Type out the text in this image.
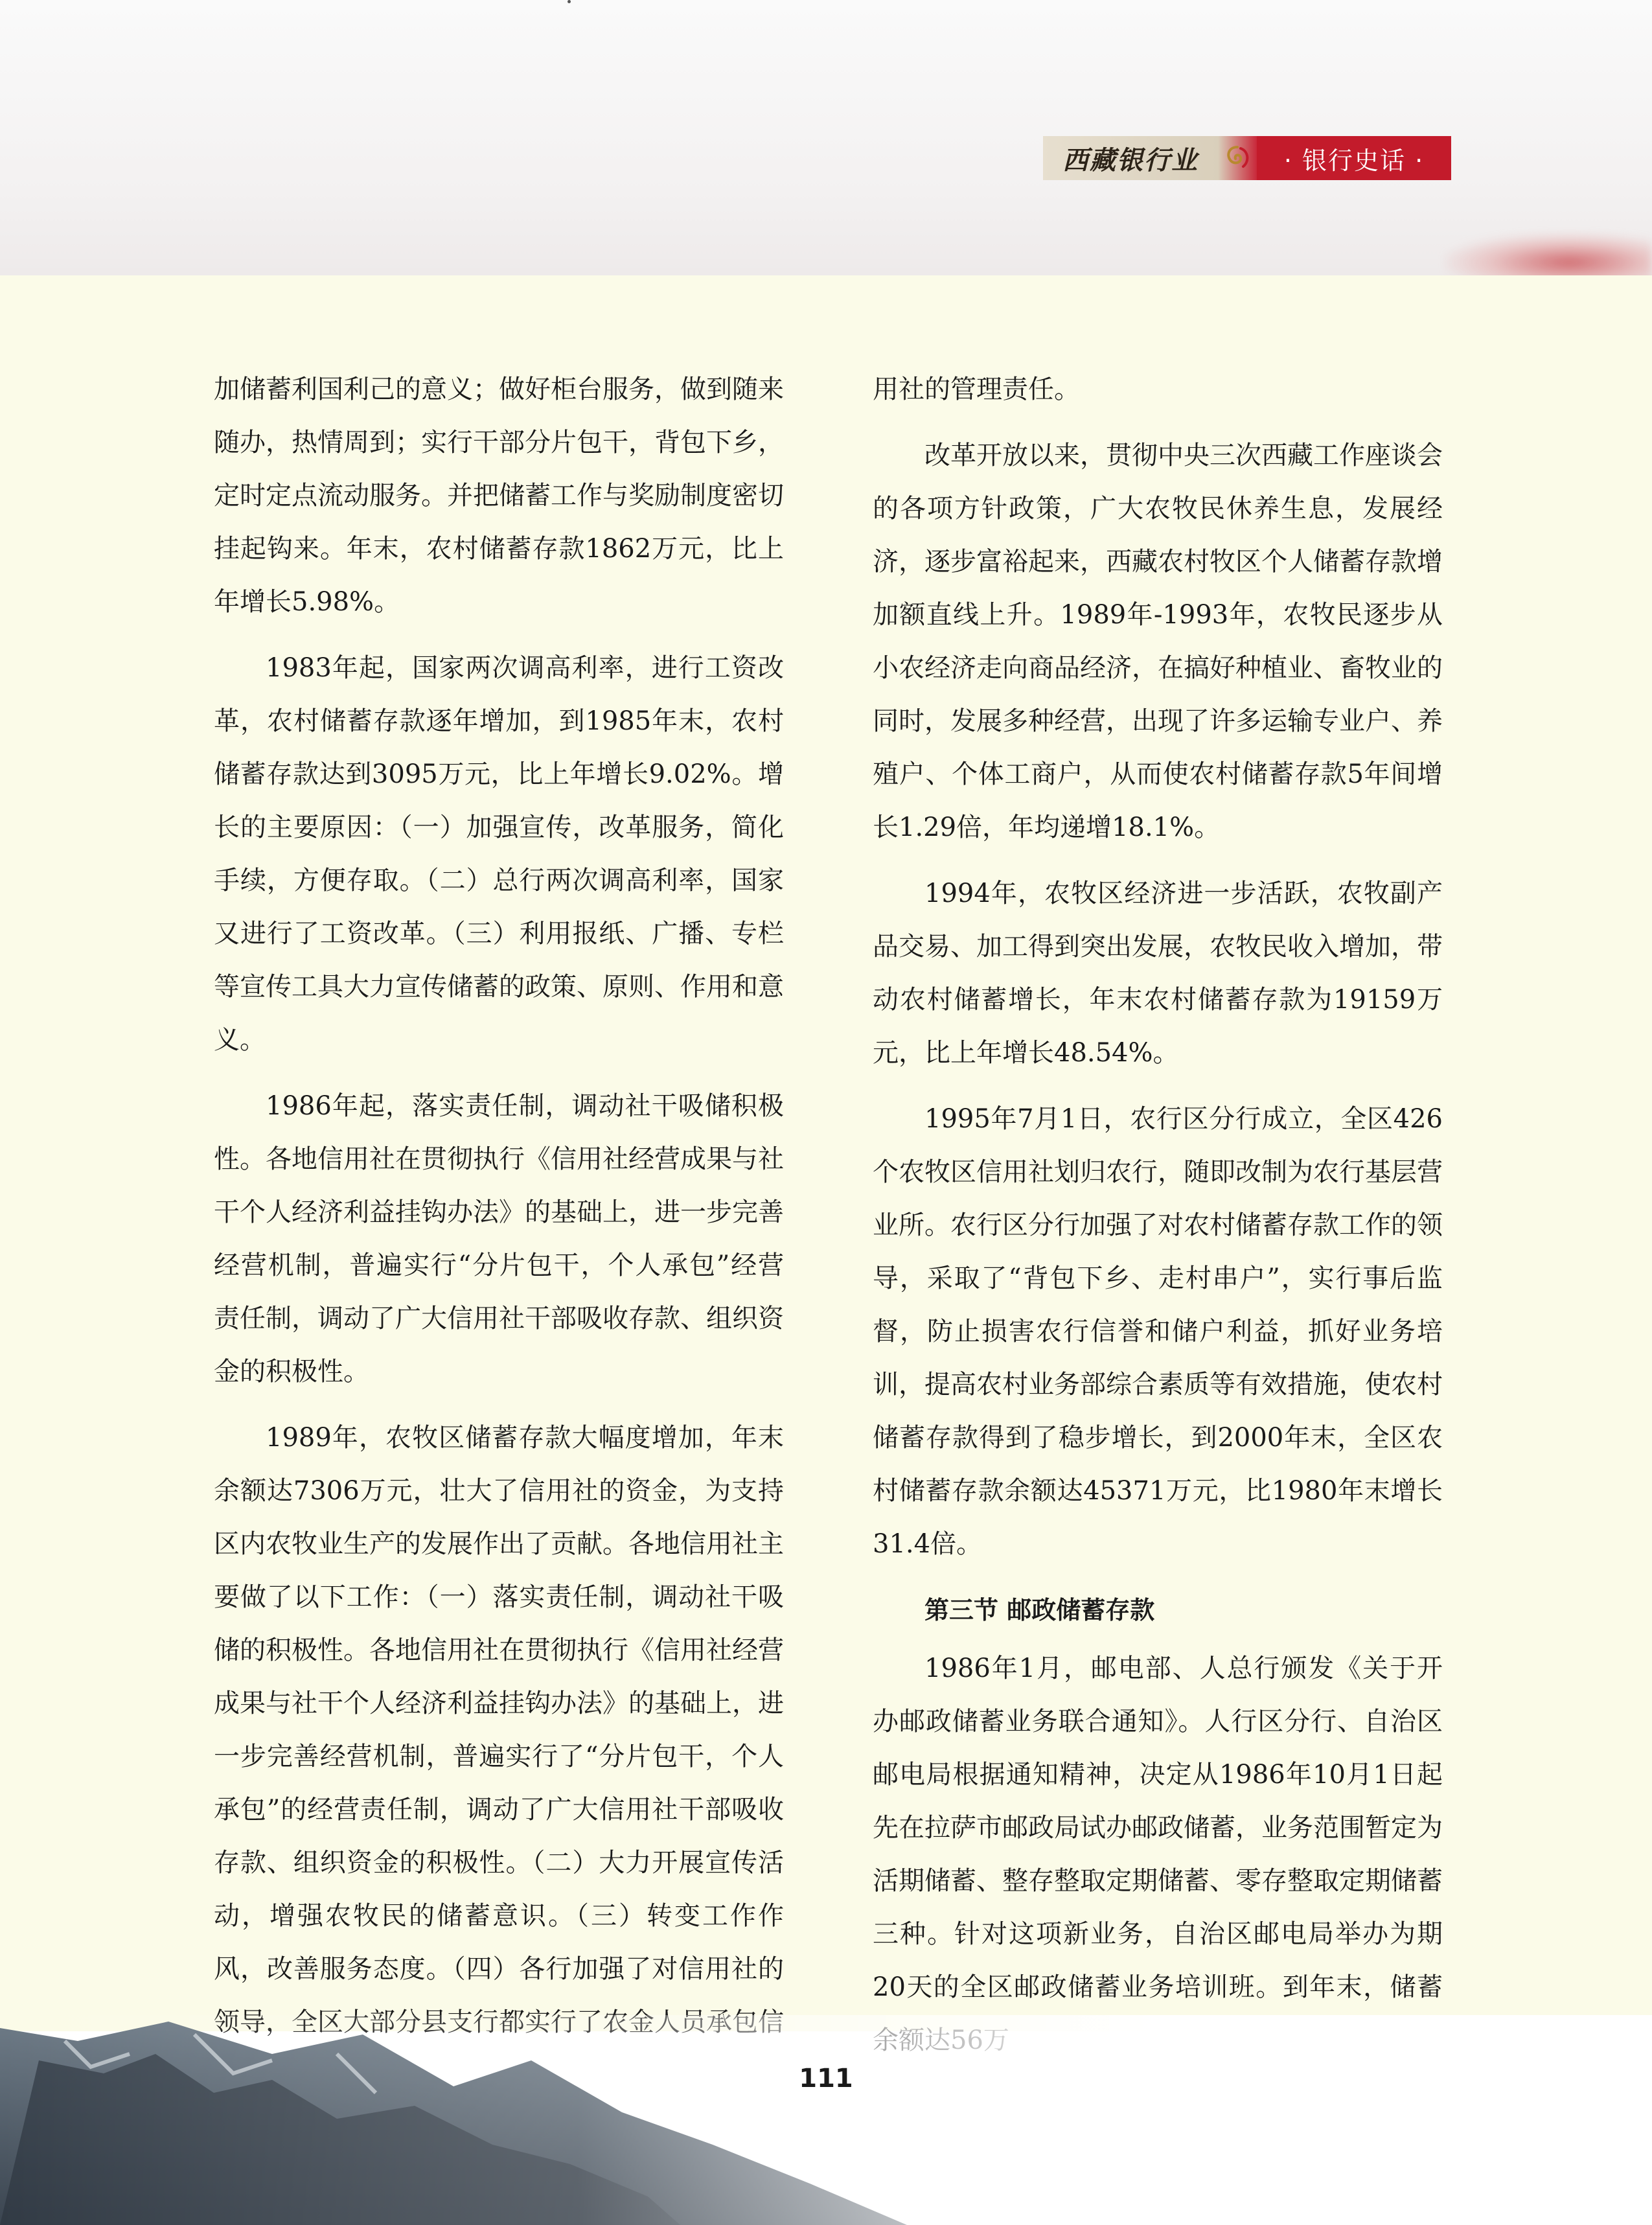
西藏银行业	· 银行史话 ·

加储蓄利国利己的意义；做好柜台服务，做到随来随办，热情周到；实行干部分片包干，背包下乡，定时定点流动服务。并把储蓄工作与奖励制度密切挂起钩来。年末，农村储蓄存款1862万元，比上年增长5.98%。

1983年起，国家两次调高利率，进行工资改革，农村储蓄存款逐年增加，到1985年末，农村储蓄存款达到3095万元，比上年增长9.02%。增长的主要原因：（一）加强宣传，改革服务，简化手续，方便存取。（二）总行两次调高利率，国家又进行了工资改革。（三）利用报纸、广播、专栏等宣传工具大力宣传储蓄的政策、原则、作用和意义。

1986年起，落实责任制，调动社干吸储积极性。各地信用社在贯彻执行《信用社经营成果与社干个人经济利益挂钩办法》的基础上，进一步完善经营机制，普遍实行“分片包干，个人承包”经营责任制，调动了广大信用社干部吸收存款、组织资金的积极性。

1989年，农牧区储蓄存款大幅度增加，年末余额达7306万元，壮大了信用社的资金，为支持区内农牧业生产的发展作出了贡献。各地信用社主要做了以下工作：（一）落实责任制，调动社干吸储的积极性。各地信用社在贯彻执行《信用社经营成果与社干个人经济利益挂钩办法》的基础上，进一步完善经营机制，普遍实行了“分片包干，个人承包”的经营责任制，调动了广大信用社干部吸收存款、组织资金的积极性。（二）大力开展宣传活动，增强农牧民的储蓄意识。（三）转变工作作风，改善服务态度。（四）各行加强了对信用社的

用社的管理责任。

改革开放以来，贯彻中央三次西藏工作座谈会的各项方针政策，广大农牧民休养生息，发展经济，逐步富裕起来，西藏农村牧区个人储蓄存款增加额直线上升。1989年-1993年，农牧民逐步从小农经济走向商品经济，在搞好种植业、畜牧业的同时，发展多种经营，出现了许多运输专业户、养殖户、个体工商户，从而使农村储蓄存款5年间增长1.29倍，年均递增18.1%。

1994年，农牧区经济进一步活跃，农牧副产品交易、加工得到突出发展，农牧民收入增加，带动农村储蓄增长，年末农村储蓄存款为19159万元，比上年增长48.54%。

1995年7月1日，农行区分行成立，全区426个农牧区信用社划归农行，随即改制为农行基层营业所。农行区分行加强了对农村储蓄存款工作的领导，采取了“背包下乡、走村串户”，实行事后监督，防止损害农行信誉和储户利益，抓好业务培训，提高农村业务部综合素质等有效措施，使农村储蓄存款得到了稳步增长，到2000年末，全区农村储蓄存款余额达45371万元，比1980年末增长31.4倍。

第三节 邮政储蓄存款

1986年1月，邮电部、人总行颁发《关于开办邮政储蓄业务联合通知》。人行区分行、自治区邮电局根据通知精神，决定从1986年10月1日起先在拉萨市邮政局试办邮政储蓄，业务范围暂定为活期储蓄、整存整取定期储蓄、零存整取定期储蓄三种。针对这项新业务，自治区邮电局举办为期20天的全区邮政储蓄业务培训班。到年末，储蓄

111
